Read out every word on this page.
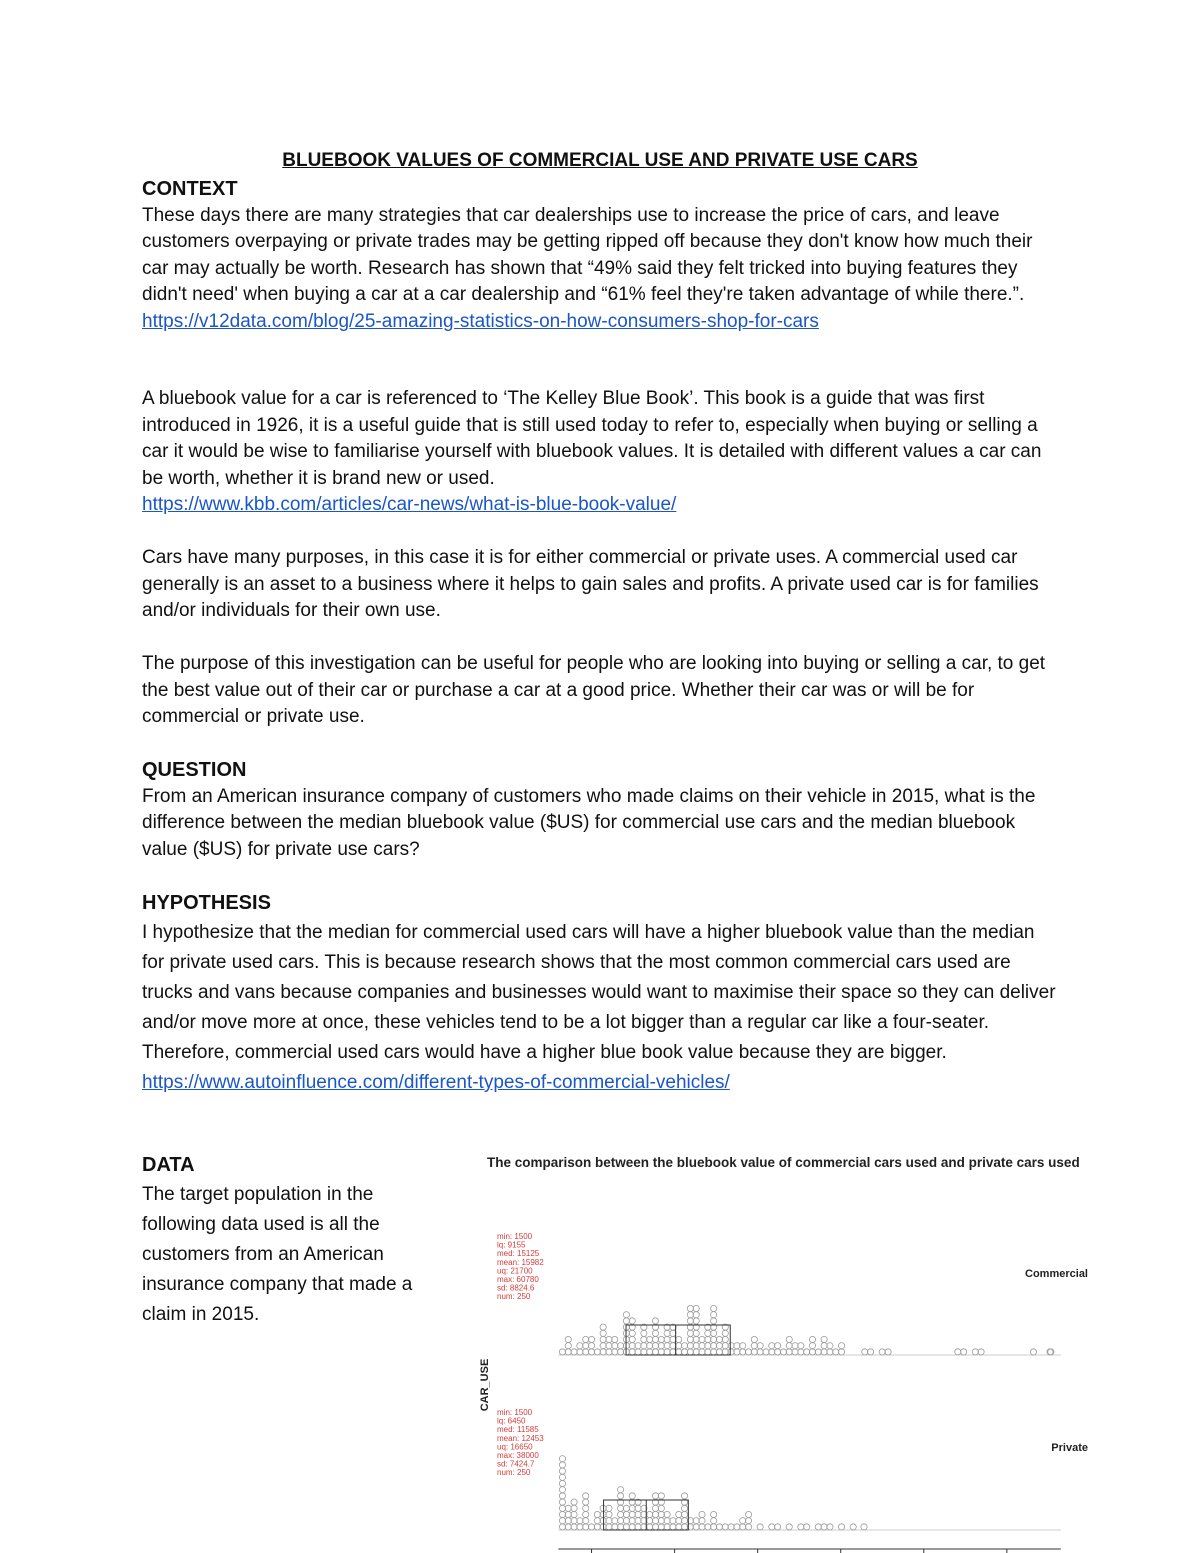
BLUEBOOK VALUES OF COMMERCIAL USE AND PRIVATE USE CARS
CONTEXT
These days there are many strategies that car dealerships use to increase the price of cars, and leave customers overpaying or private trades may be getting ripped off because they don't know how much their car may actually be worth. Research has shown that “49% said they felt tricked into buying features they didn't need' when buying a car at a car dealership and “61% feel they're taken advantage of while there.”.
https://v12data.com/blog/25-amazing-statistics-on-how-consumers-shop-for-cars
A bluebook value for a car is referenced to ‘The Kelley Blue Book’. This book is a guide that was first introduced in 1926, it is a useful guide that is still used today to refer to, especially when buying or selling a car it would be wise to familiarise yourself with bluebook values. It is detailed with different values a car can be worth, whether it is brand new or used.
https://www.kbb.com/articles/car-news/what-is-blue-book-value/
Cars have many purposes, in this case it is for either commercial or private uses. A commercial used car generally is an asset to a business where it helps to gain sales and profits. A private used car is for families and/or individuals for their own use.
The purpose of this investigation can be useful for people who are looking into buying or selling a car, to get the best value out of their car or purchase a car at a good price. Whether their car was or will be for commercial or private use.
QUESTION
From an American insurance company of customers who made claims on their vehicle in 2015, what is the difference between the median bluebook value ($US) for commercial use cars and the median bluebook value ($US) for private use cars?
HYPOTHESIS
I hypothesize that the median for commercial used cars will have a higher bluebook value than the median for private used cars. This is because research shows that the most common commercial cars used are trucks and vans because companies and businesses would want to maximise their space so they can deliver and/or move more at once, these vehicles tend to be a lot bigger than a regular car like a four-seater. Therefore, commercial used cars would have a higher blue book value because they are bigger.
https://www.autoinfluence.com/different-types-of-commercial-vehicles/
DATA
The target population in the following data used is all the customers from an American insurance company that made a claim in 2015.
The comparison between the bluebook value of commercial cars used and private cars used
CAR_USE
min: 1500
lq: 9155
med: 15125
mean: 15982
uq: 21700
max: 60780
sd: 8824.6
num: 250
Commercial
min: 1500
lq: 6450
med: 11585
mean: 12453
uq: 16650
max: 38000
sd: 7424.7
num: 250
Private
